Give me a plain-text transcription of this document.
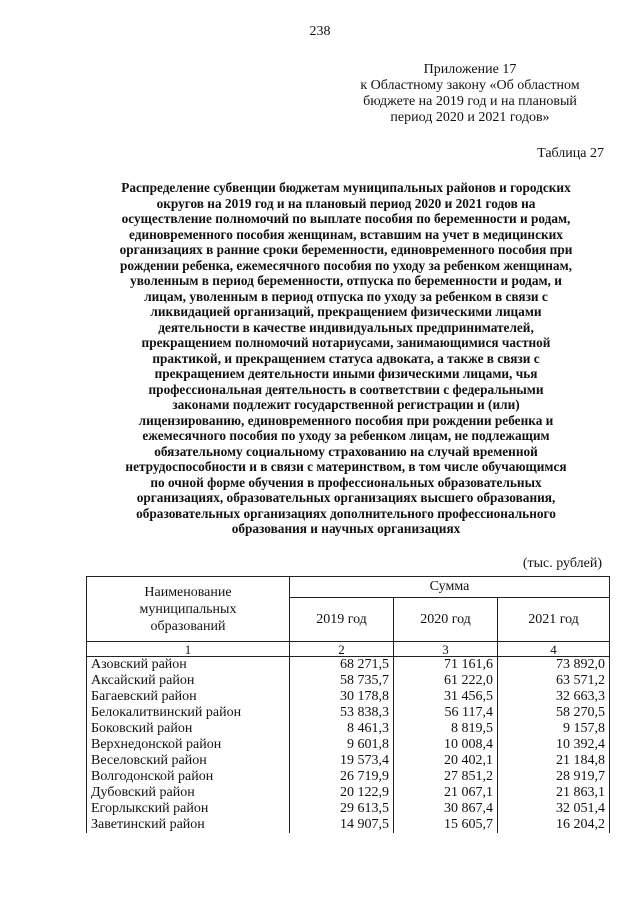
238
Приложение 17
к Областному закону «Об областном
бюджете на 2019 год и на плановый
период 2020 и 2021 годов»
Таблица 27
Распределение субвенции бюджетам муниципальных районов и городских
округов на 2019 год и на плановый период 2020 и 2021 годов на
осуществление полномочий по выплате пособия по беременности и родам,
единовременного пособия женщинам, вставшим на учет в медицинских
организациях в ранние сроки беременности, единовременного пособия при
рождении ребенка, ежемесячного пособия по уходу за ребенком женщинам,
уволенным в период беременности, отпуска по беременности и родам, и
лицам, уволенным в период отпуска по уходу за ребенком в связи с
ликвидацией организаций, прекращением физическими лицами
деятельности в качестве индивидуальных предпринимателей,
прекращением полномочий нотариусами, занимающимися частной
практикой, и прекращением статуса адвоката, а также в связи с
прекращением деятельности иными физическими лицами, чья
профессиональная деятельность в соответствии с федеральными
законами подлежит государственной регистрации и (или)
лицензированию, единовременного пособия при рождении ребенка и
ежемесячного пособия по уходу за ребенком лицам, не подлежащим
обязательному социальному страхованию на случай временной
нетрудоспособности и в связи с материнством, в том числе обучающимся
по очной форме обучения в профессиональных образовательных
организациях, образовательных организациях высшего образования,
образовательных организациях дополнительного профессионального
образования и научных организациях
(тыс. рублей)
Наименование
муниципальных
образований	Сумма		
	2019 год	2020 год	2021 год
1	2	3	4
Азовский район	68 271,5	71 161,6	73 892,0
Аксайский район	58 735,7	61 222,0	63 571,2
Багаевский район	30 178,8	31 456,5	32 663,3
Белокалитвинский район	53 838,3	56 117,4	58 270,5
Боковский район	8 461,3	8 819,5	9 157,8
Верхнедонской район	9 601,8	10 008,4	10 392,4
Веселовский район	19 573,4	20 402,1	21 184,8
Волгодонской район	26 719,9	27 851,2	28 919,7
Дубовский район	20 122,9	21 067,1	21 863,1
Егорлыкский район	29 613,5	30 867,4	32 051,4
Заветинский район	14 907,5	15 605,7	16 204,2
